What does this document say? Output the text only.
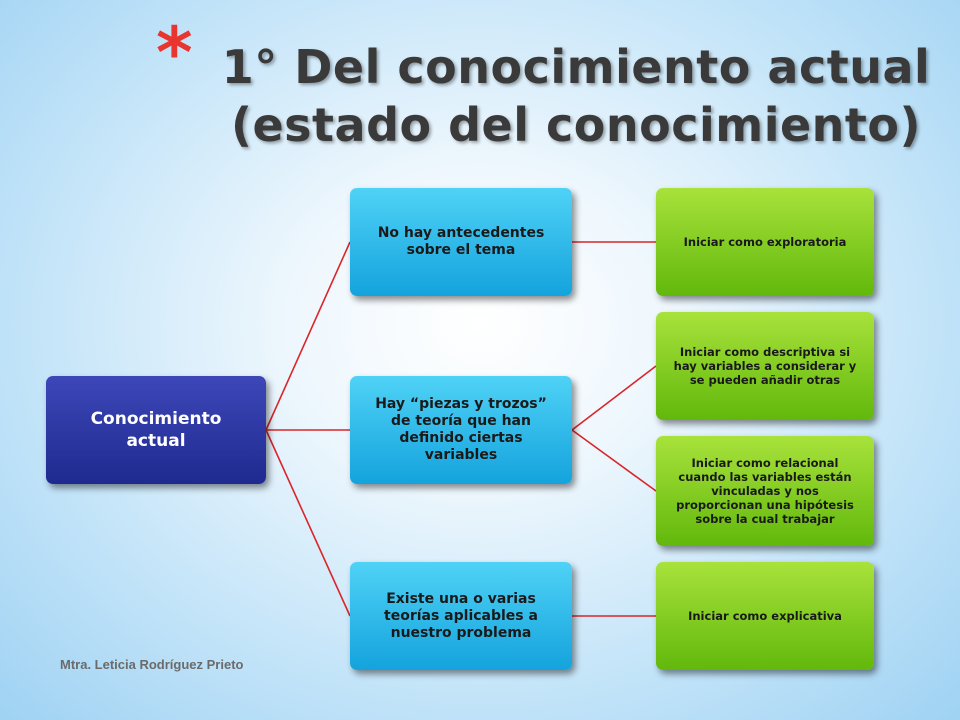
* 1° Del conocimiento actual
(estado del conocimiento)
Conocimiento
actual
No hay antecedentes
sobre el tema
Hay “piezas y trozos”
de teoría que han
definido ciertas
variables
Existe una o varias
teorías aplicables a
nuestro problema
Iniciar como exploratoria
Iniciar como descriptiva si
hay variables a considerar y
se pueden añadir otras
Iniciar como relacional
cuando las variables están
vinculadas y nos
proporcionan una hipótesis
sobre la cual trabajar
Iniciar como explicativa
Mtra. Leticia Rodríguez Prieto
